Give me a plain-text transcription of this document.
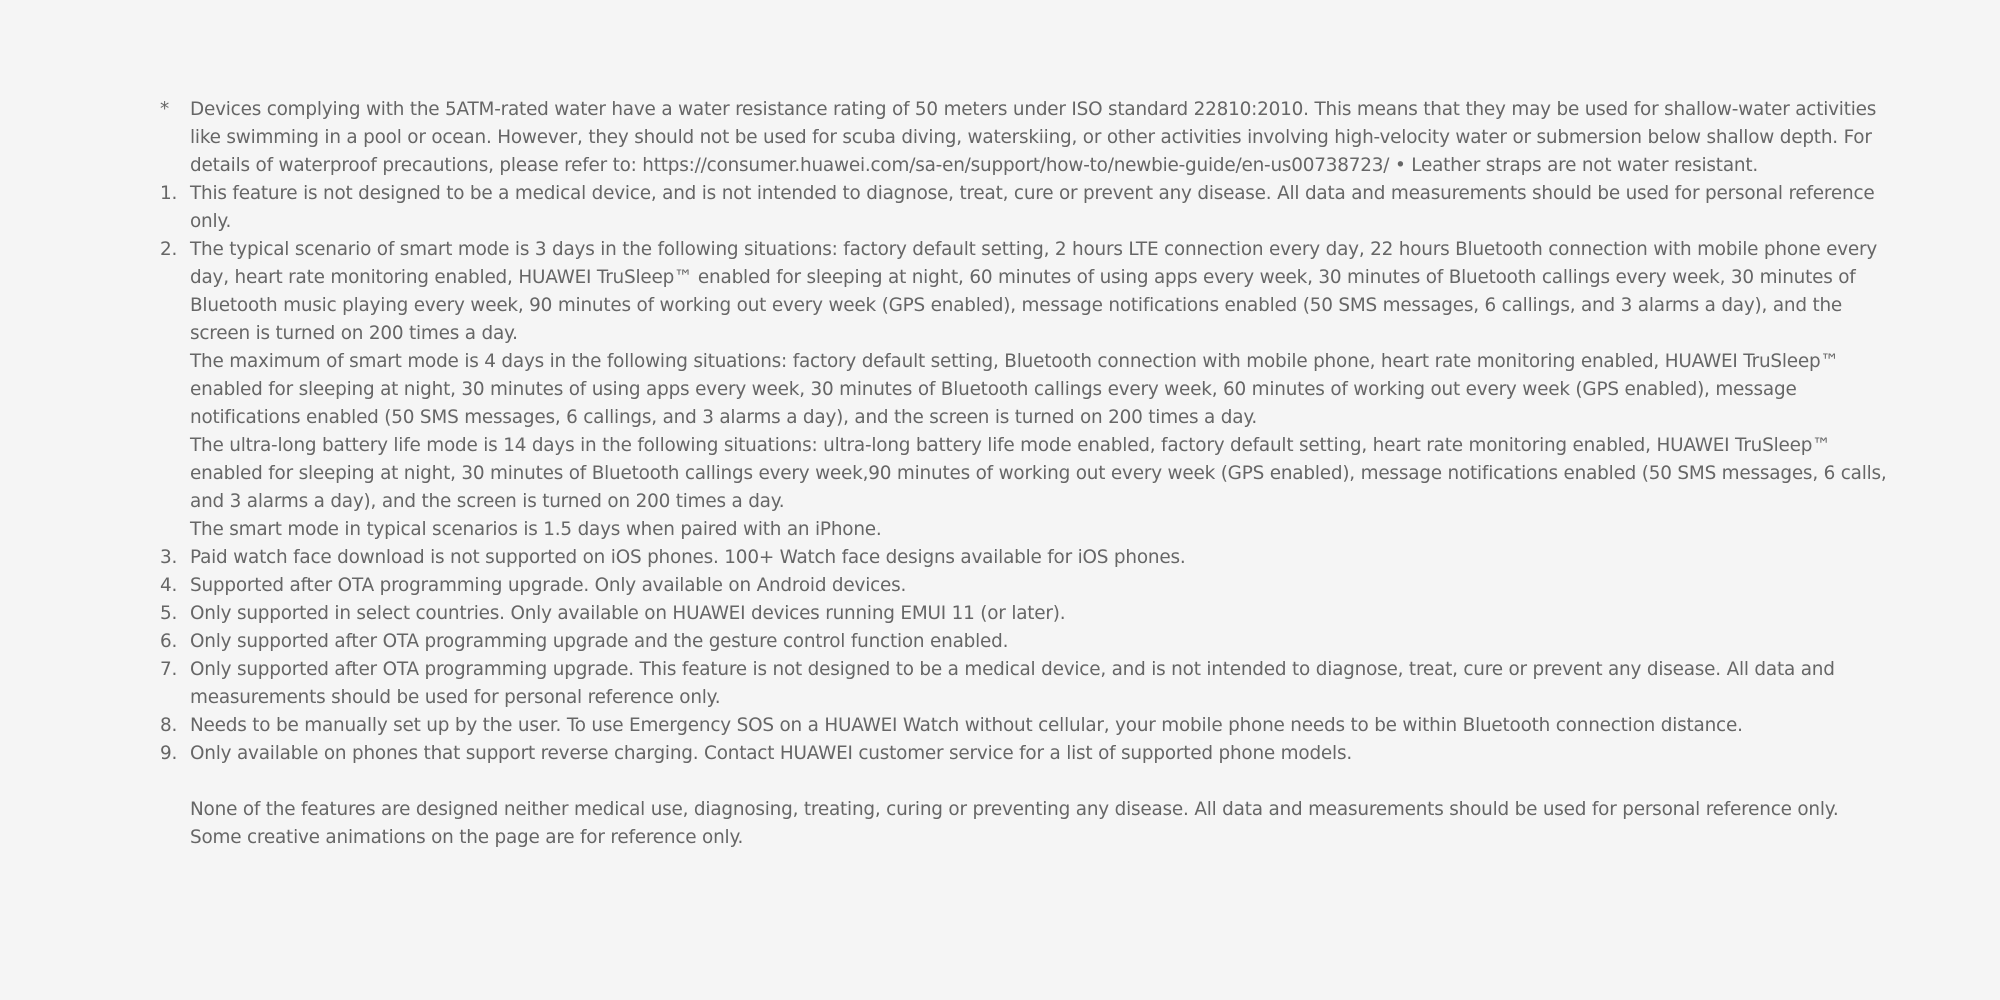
*	Devices complying with the 5ATM-rated water have a water resistance rating of 50 meters under ISO standard 22810:2010. This means that they may be used for shallow-water activities like swimming in a pool or ocean. However, they should not be used for scuba diving, waterskiing, or other activities involving high-velocity water or submersion below shallow depth. For details of waterproof precautions, please refer to: https://consumer.huawei.com/sa-en/support/how-to/newbie-guide/en-us00738723/ • Leather straps are not water resistant.
1. This feature is not designed to be a medical device, and is not intended to diagnose, treat, cure or prevent any disease. All data and measurements should be used for personal reference only.
2. The typical scenario of smart mode is 3 days in the following situations: factory default setting, 2 hours LTE connection every day, 22 hours Bluetooth connection with mobile phone every day, heart rate monitoring enabled, HUAWEI TruSleep™ enabled for sleeping at night, 60 minutes of using apps every week, 30 minutes of Bluetooth callings every week, 30 minutes of Bluetooth music playing every week, 90 minutes of working out every week (GPS enabled), message notifications enabled (50 SMS messages, 6 callings, and 3 alarms a day), and the screen is turned on 200 times a day.
The maximum of smart mode is 4 days in the following situations: factory default setting, Bluetooth connection with mobile phone, heart rate monitoring enabled, HUAWEI TruSleep™ enabled for sleeping at night, 30 minutes of using apps every week, 30 minutes of Bluetooth callings every week, 60 minutes of working out every week (GPS enabled), message notifications enabled (50 SMS messages, 6 callings, and 3 alarms a day), and the screen is turned on 200 times a day.
The ultra-long battery life mode is 14 days in the following situations: ultra-long battery life mode enabled, factory default setting, heart rate monitoring enabled, HUAWEI TruSleep™ enabled for sleeping at night, 30 minutes of Bluetooth callings every week,90 minutes of working out every week (GPS enabled), message notifications enabled (50 SMS messages, 6 calls, and 3 alarms a day), and the screen is turned on 200 times a day.
The smart mode in typical scenarios is 1.5 days when paired with an iPhone.
3. Paid watch face download is not supported on iOS phones. 100+ Watch face designs available for iOS phones.
4. Supported after OTA programming upgrade. Only available on Android devices.
5. Only supported in select countries. Only available on HUAWEI devices running EMUI 11 (or later).
6. Only supported after OTA programming upgrade and the gesture control function enabled.
7. Only supported after OTA programming upgrade. This feature is not designed to be a medical device, and is not intended to diagnose, treat, cure or prevent any disease. All data and measurements should be used for personal reference only.
8. Needs to be manually set up by the user. To use Emergency SOS on a HUAWEI Watch without cellular, your mobile phone needs to be within Bluetooth connection distance.
9. Only available on phones that support reverse charging. Contact HUAWEI customer service for a list of supported phone models.
None of the features are designed neither medical use, diagnosing, treating, curing or preventing any disease. All data and measurements should be used for personal reference only.
Some creative animations on the page are for reference only.
